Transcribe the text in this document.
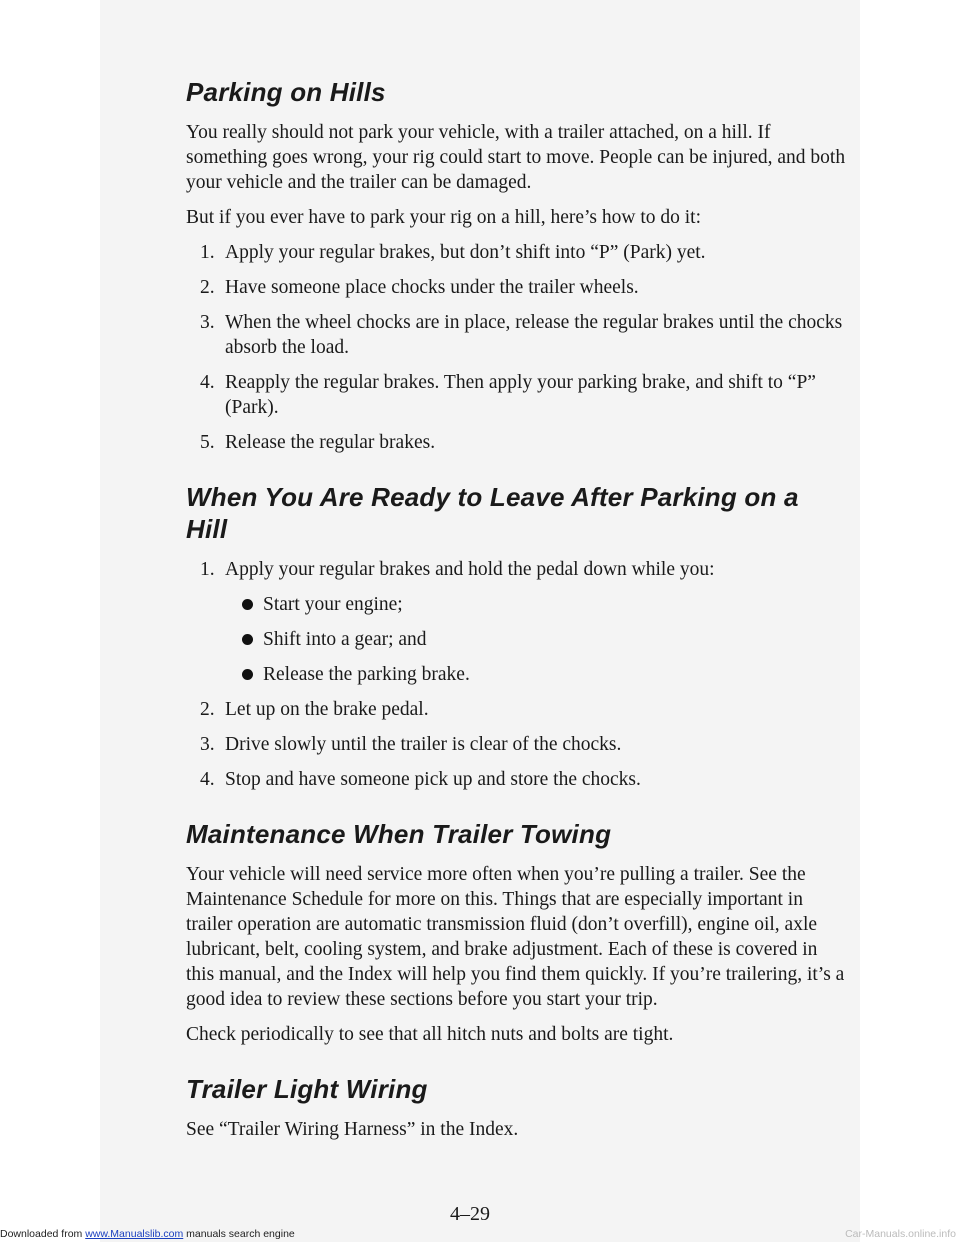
Parking on Hills

You really should not park your vehicle, with a trailer attached, on a hill. If something goes wrong, your rig could start to move. People can be injured, and both your vehicle and the trailer can be damaged.

But if you ever have to park your rig on a hill, here’s how to do it:

1. Apply your regular brakes, but don’t shift into “P” (Park) yet.
2. Have someone place chocks under the trailer wheels.
3. When the wheel chocks are in place, release the regular brakes until the chocks absorb the load.
4. Reapply the regular brakes. Then apply your parking brake, and shift to “P” (Park).
5. Release the regular brakes.
When You Are Ready to Leave After Parking on a Hill
1. Apply your regular brakes and hold the pedal down while you:
Start your engine;
Shift into a gear; and
Release the parking brake.
2. Let up on the brake pedal.
3. Drive slowly until the trailer is clear of the chocks.
4. Stop and have someone pick up and store the chocks.
Maintenance When Trailer Towing

Your vehicle will need service more often when you’re pulling a trailer. See the Maintenance Schedule for more on this. Things that are especially important in trailer operation are automatic transmission fluid (don’t overfill), engine oil, axle lubricant, belt, cooling system, and brake adjustment. Each of these is covered in this manual, and the Index will help you find them quickly. If you’re trailering, it’s a good idea to review these sections before you start your trip.

Check periodically to see that all hitch nuts and bolts are tight.

Trailer Light Wiring

See “Trailer Wiring Harness” in the Index.

4–29
Downloaded from www.Manualslib.com manuals search engine	Car-Manuals.online.info
